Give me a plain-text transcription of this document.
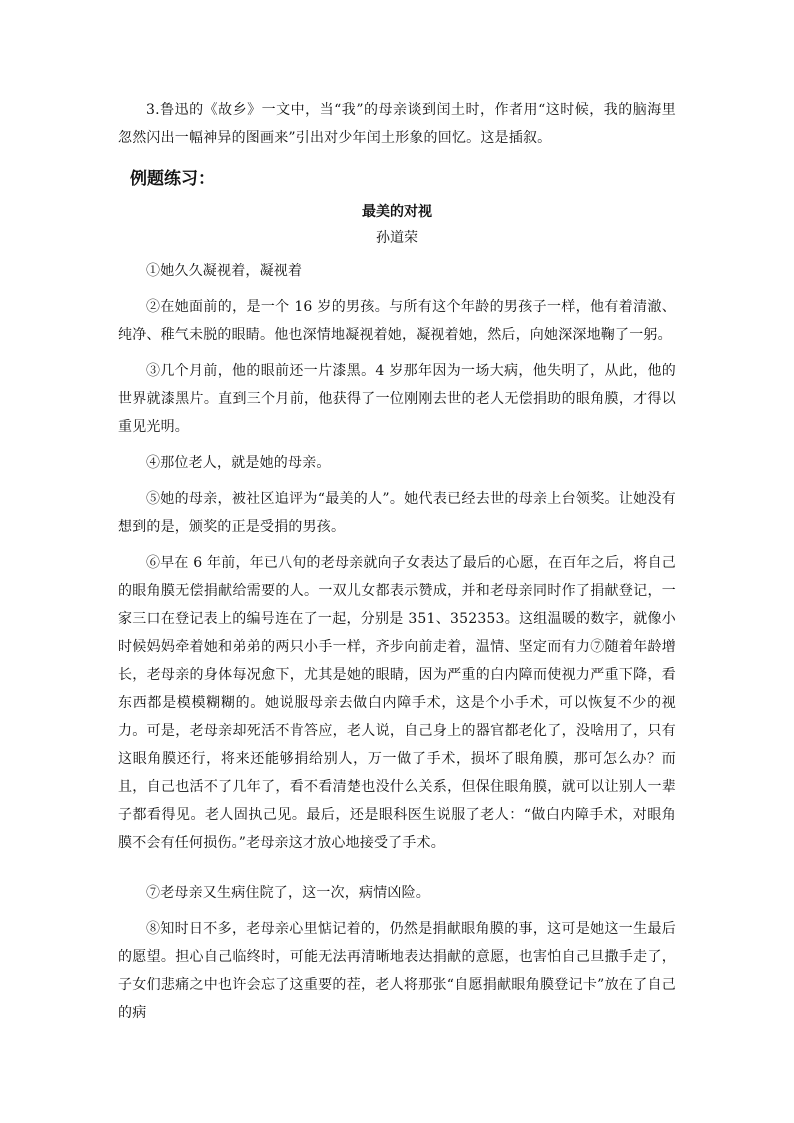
3.鲁迅的《故乡》一文中，当“我”的母亲谈到闰土时，作者用“这时候，我的脑海里忽然闪出一幅神异的图画来”引出对少年闰土形象的回忆。这是插叙。

例题练习：
最美的对视
孙道荣

①她久久凝视着，凝视着

②在她面前的，是一个 16 岁的男孩。与所有这个年龄的男孩子一样，他有着清澈、纯净、稚气未脱的眼睛。他也深情地凝视着她，凝视着她，然后，向她深深地鞠了一躬。

③几个月前，他的眼前还一片漆黑。4 岁那年因为一场大病，他失明了，从此，他的世界就漆黑片。直到三个月前，他获得了一位刚刚去世的老人无偿捐助的眼角膜，才得以重见光明。

④那位老人，就是她的母亲。

⑤她的母亲，被社区追评为“最美的人”。她代表已经去世的母亲上台领奖。让她没有想到的是，颁奖的正是受捐的男孩。

⑥早在 6 年前，年已八旬的老母亲就向子女表达了最后的心愿，在百年之后，将自己的眼角膜无偿捐献给需要的人。一双儿女都表示赞成，并和老母亲同时作了捐献登记，一家三口在登记表上的编号连在了一起，分别是 351、352353。这组温暖的数字，就像小时候妈妈牵着她和弟弟的两只小手一样，齐步向前走着，温情、坚定而有力⑦随着年龄增长，老母亲的身体每况愈下，尤其是她的眼睛，因为严重的白内障而使视力严重下降，看东西都是模模糊糊的。她说服母亲去做白内障手术，这是个小手术，可以恢复不少的视力。可是，老母亲却死活不肯答应，老人说，自己身上的器官都老化了，没啥用了，只有这眼角膜还行，将来还能够捐给别人，万一做了手术，损坏了眼角膜，那可怎么办？而且，自己也活不了几年了，看不看清楚也没什么关系，但保住眼角膜，就可以让别人一辈子都看得见。老人固执己见。最后，还是眼科医生说服了老人：“做白内障手术，对眼角膜不会有任何损伤。”老母亲这才放心地接受了手术。

⑦老母亲又生病住院了，这一次，病情凶险。

⑧知时日不多，老母亲心里惦记着的，仍然是捐献眼角膜的事，这可是她这一生最后的愿望。担心自己临终时，可能无法再清晰地表达捐献的意愿，也害怕自己旦撒手走了，子女们悲痛之中也许会忘了这重要的茬，老人将那张“自愿捐献眼角膜登记卡”放在了自己的病
